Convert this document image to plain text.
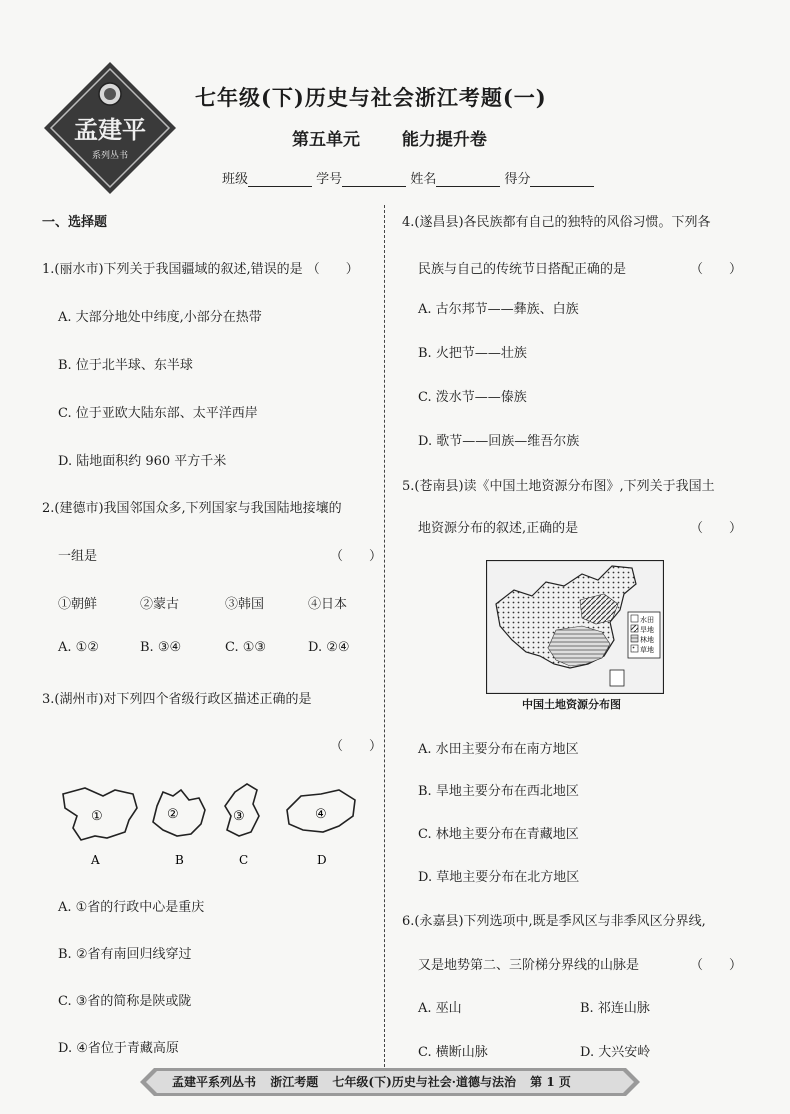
孟建平
系列丛书
七年级(下)历史与社会浙江考题(一)
第五单元 能力提升卷
班级	学号	姓名	得分
一、选择题
1.(丽水市)下列关于我国疆域的叙述,错误的是 （　　）
A. 大部分地处中纬度,小部分在热带
B. 位于北半球、东半球
C. 位于亚欧大陆东部、太平洋西岸
D. 陆地面积约 960 平方千米
2.(建德市)我国邻国众多,下列国家与我国陆地接壤的
一组是	（　　）
①朝鲜	②蒙古	③韩国	④日本
A. ①②	B. ③④	C. ①③	D. ②④
3.(湖州市)对下列四个省级行政区描述正确的是
（　　）
①	②	③	④
A	B	C	D
A. ①省的行政中心是重庆
B. ②省有南回归线穿过
C. ③省的简称是陕或陇
D. ④省位于青藏高原
4.(遂昌县)各民族都有自己的独特的风俗习惯。下列各
民族与自己的传统节日搭配正确的是	（　　）
A. 古尔邦节——彝族、白族
B. 火把节——壮族
C. 泼水节——傣族
D. 歌节——回族—维吾尔族
5.(苍南县)读《中国土地资源分布图》,下列关于我国土
地资源分布的叙述,正确的是	（　　）
水田
旱地
林地
草地
中国土地资源分布图
A. 水田主要分布在南方地区
B. 旱地主要分布在西北地区
C. 林地主要分布在青藏地区
D. 草地主要分布在北方地区
6.(永嘉县)下列选项中,既是季风区与非季风区分界线,
又是地势第二、三阶梯分界线的山脉是	（　　）
A. 巫山	B. 祁连山脉
C. 横断山脉	D. 大兴安岭
孟建平系列丛书 浙江考题 七年级(下)历史与社会·道德与法治 第 1 页
